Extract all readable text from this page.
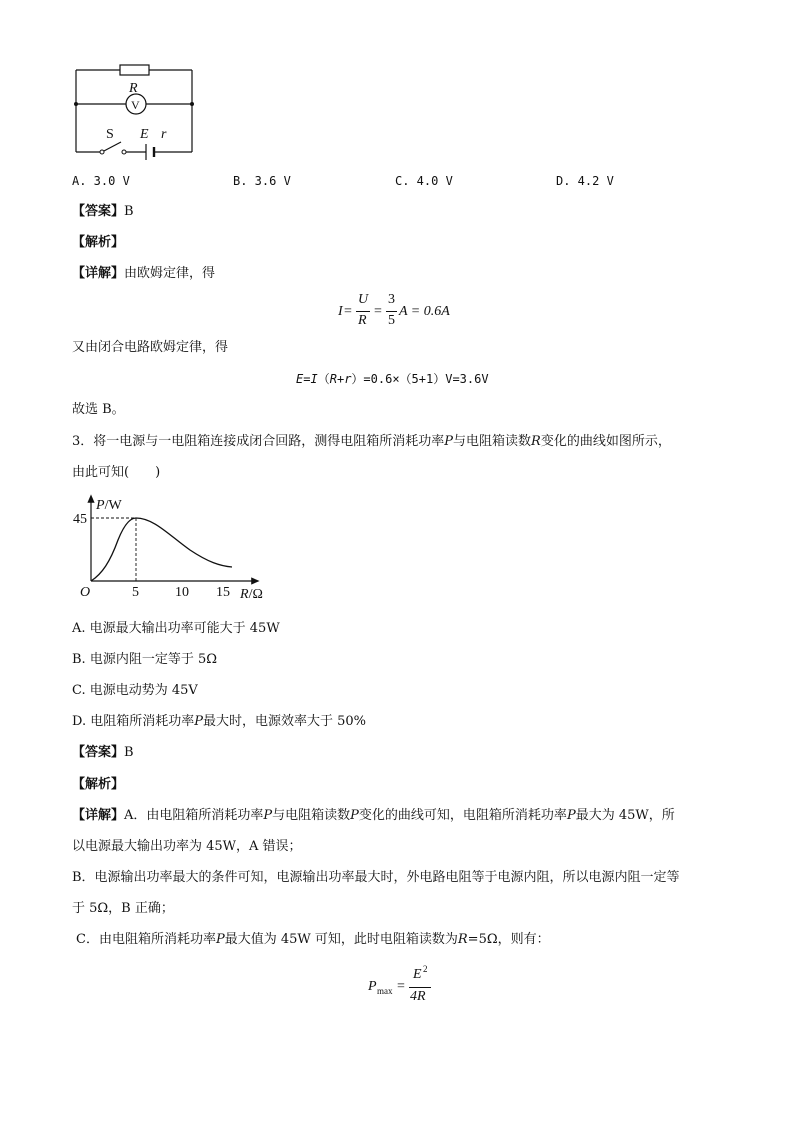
R
V
S E r
A. 3.0 V	B. 3.6 V	C. 4.0 V	D. 4.2 V
【答案】B
【解析】
【详解】由欧姆定律，得
I =
U
R
=
3
5
A = 0.6A
又由闭合电路欧姆定律，得
E=I（R+r）=0.6×（5+1）V=3.6V
故选 B。
3．将一电源与一电阻箱连接成闭合回路，测得电阻箱所消耗功率P与电阻箱读数R变化的曲线如图所示，
由此可知(　　)
P/W
45
O	5	10 15 R/Ω
A. 电源最大输出功率可能大于 45W
B. 电源内阻一定等于 5Ω
C. 电源电动势为 45V
D. 电阻箱所消耗功率P最大时，电源效率大于 50%
【答案】B
【解析】
【详解】A．由电阻箱所消耗功率P与电阻箱读数P变化的曲线可知，电阻箱所消耗功率P最大为 45W，所
以电源最大输出功率为 45W，A 错误；
B．电源输出功率最大的条件可知，电源输出功率最大时，外电路电阻等于电源内阻，所以电源内阻一定等
于 5Ω，B 正确；
C．由电阻箱所消耗功率P最大值为 45W 可知，此时电阻箱读数为R=5Ω，则有：
P max =
E 2
4R
